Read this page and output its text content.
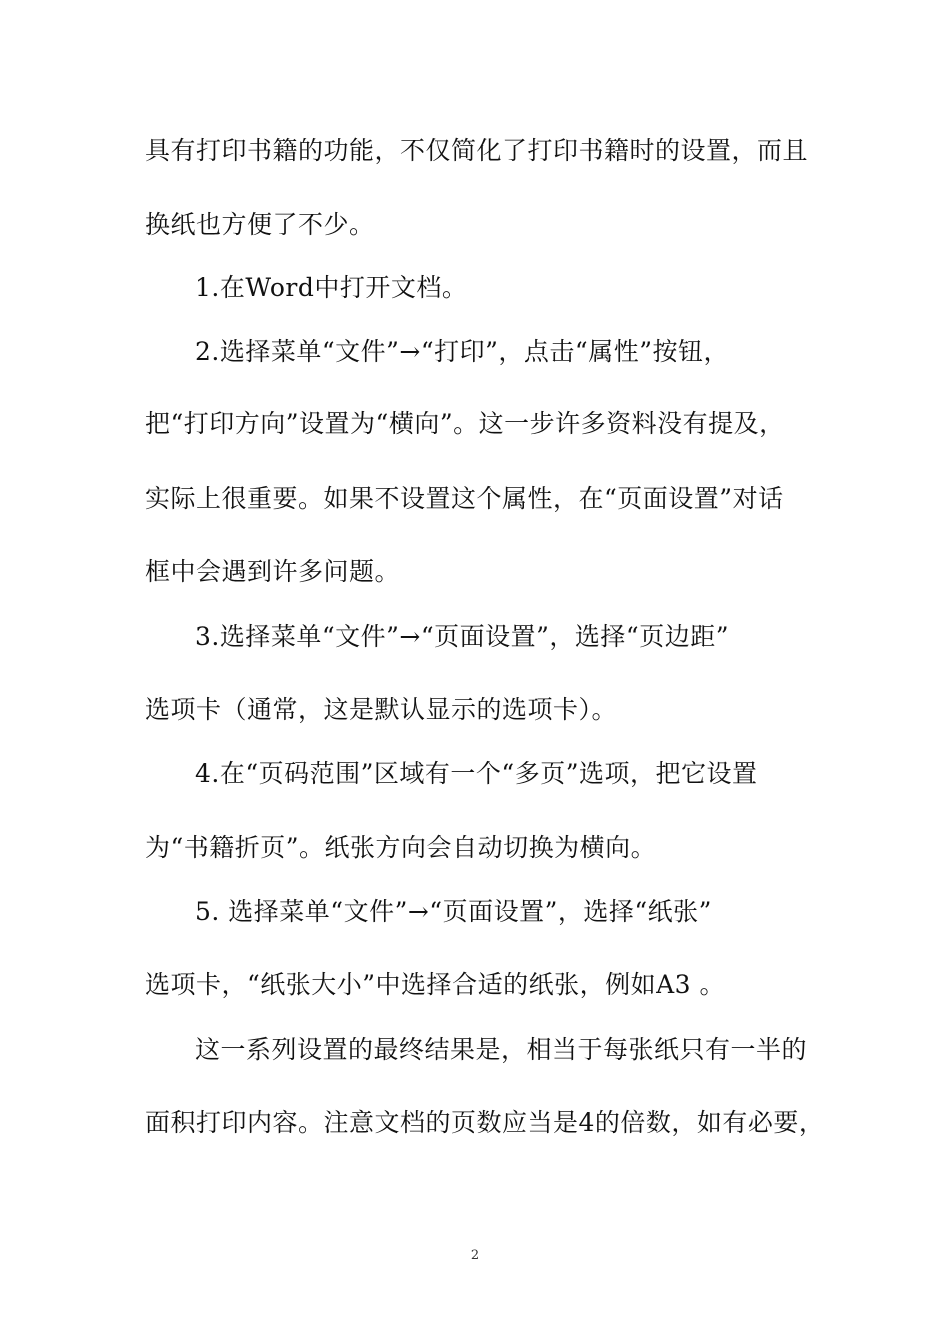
具有打印书籍的功能，不仅简化了打印书籍时的设置，而且
换纸也方便了不少。
1.在Word中打开文档。
2.选择菜单“文件”→“打印”，点击“属性”按钮，
把“打印方向”设置为“横向”。这一步许多资料没有提及，
实际上很重要。如果不设置这个属性，在“页面设置”对话
框中会遇到许多问题。
3.选择菜单“文件”→“页面设置”，选择“页边距”
选项卡（通常，这是默认显示的选项卡）。
4.在“页码范围”区域有一个“多页”选项，把它设置
为“书籍折页”。纸张方向会自动切换为横向。
5. 选择菜单“文件”→“页面设置”，选择“纸张”
选项卡，“纸张大小”中选择合适的纸张，例如A3 。
这一系列设置的最终结果是，相当于每张纸只有一半的
面积打印内容。注意文档的页数应当是4的倍数，如有必要，
2
